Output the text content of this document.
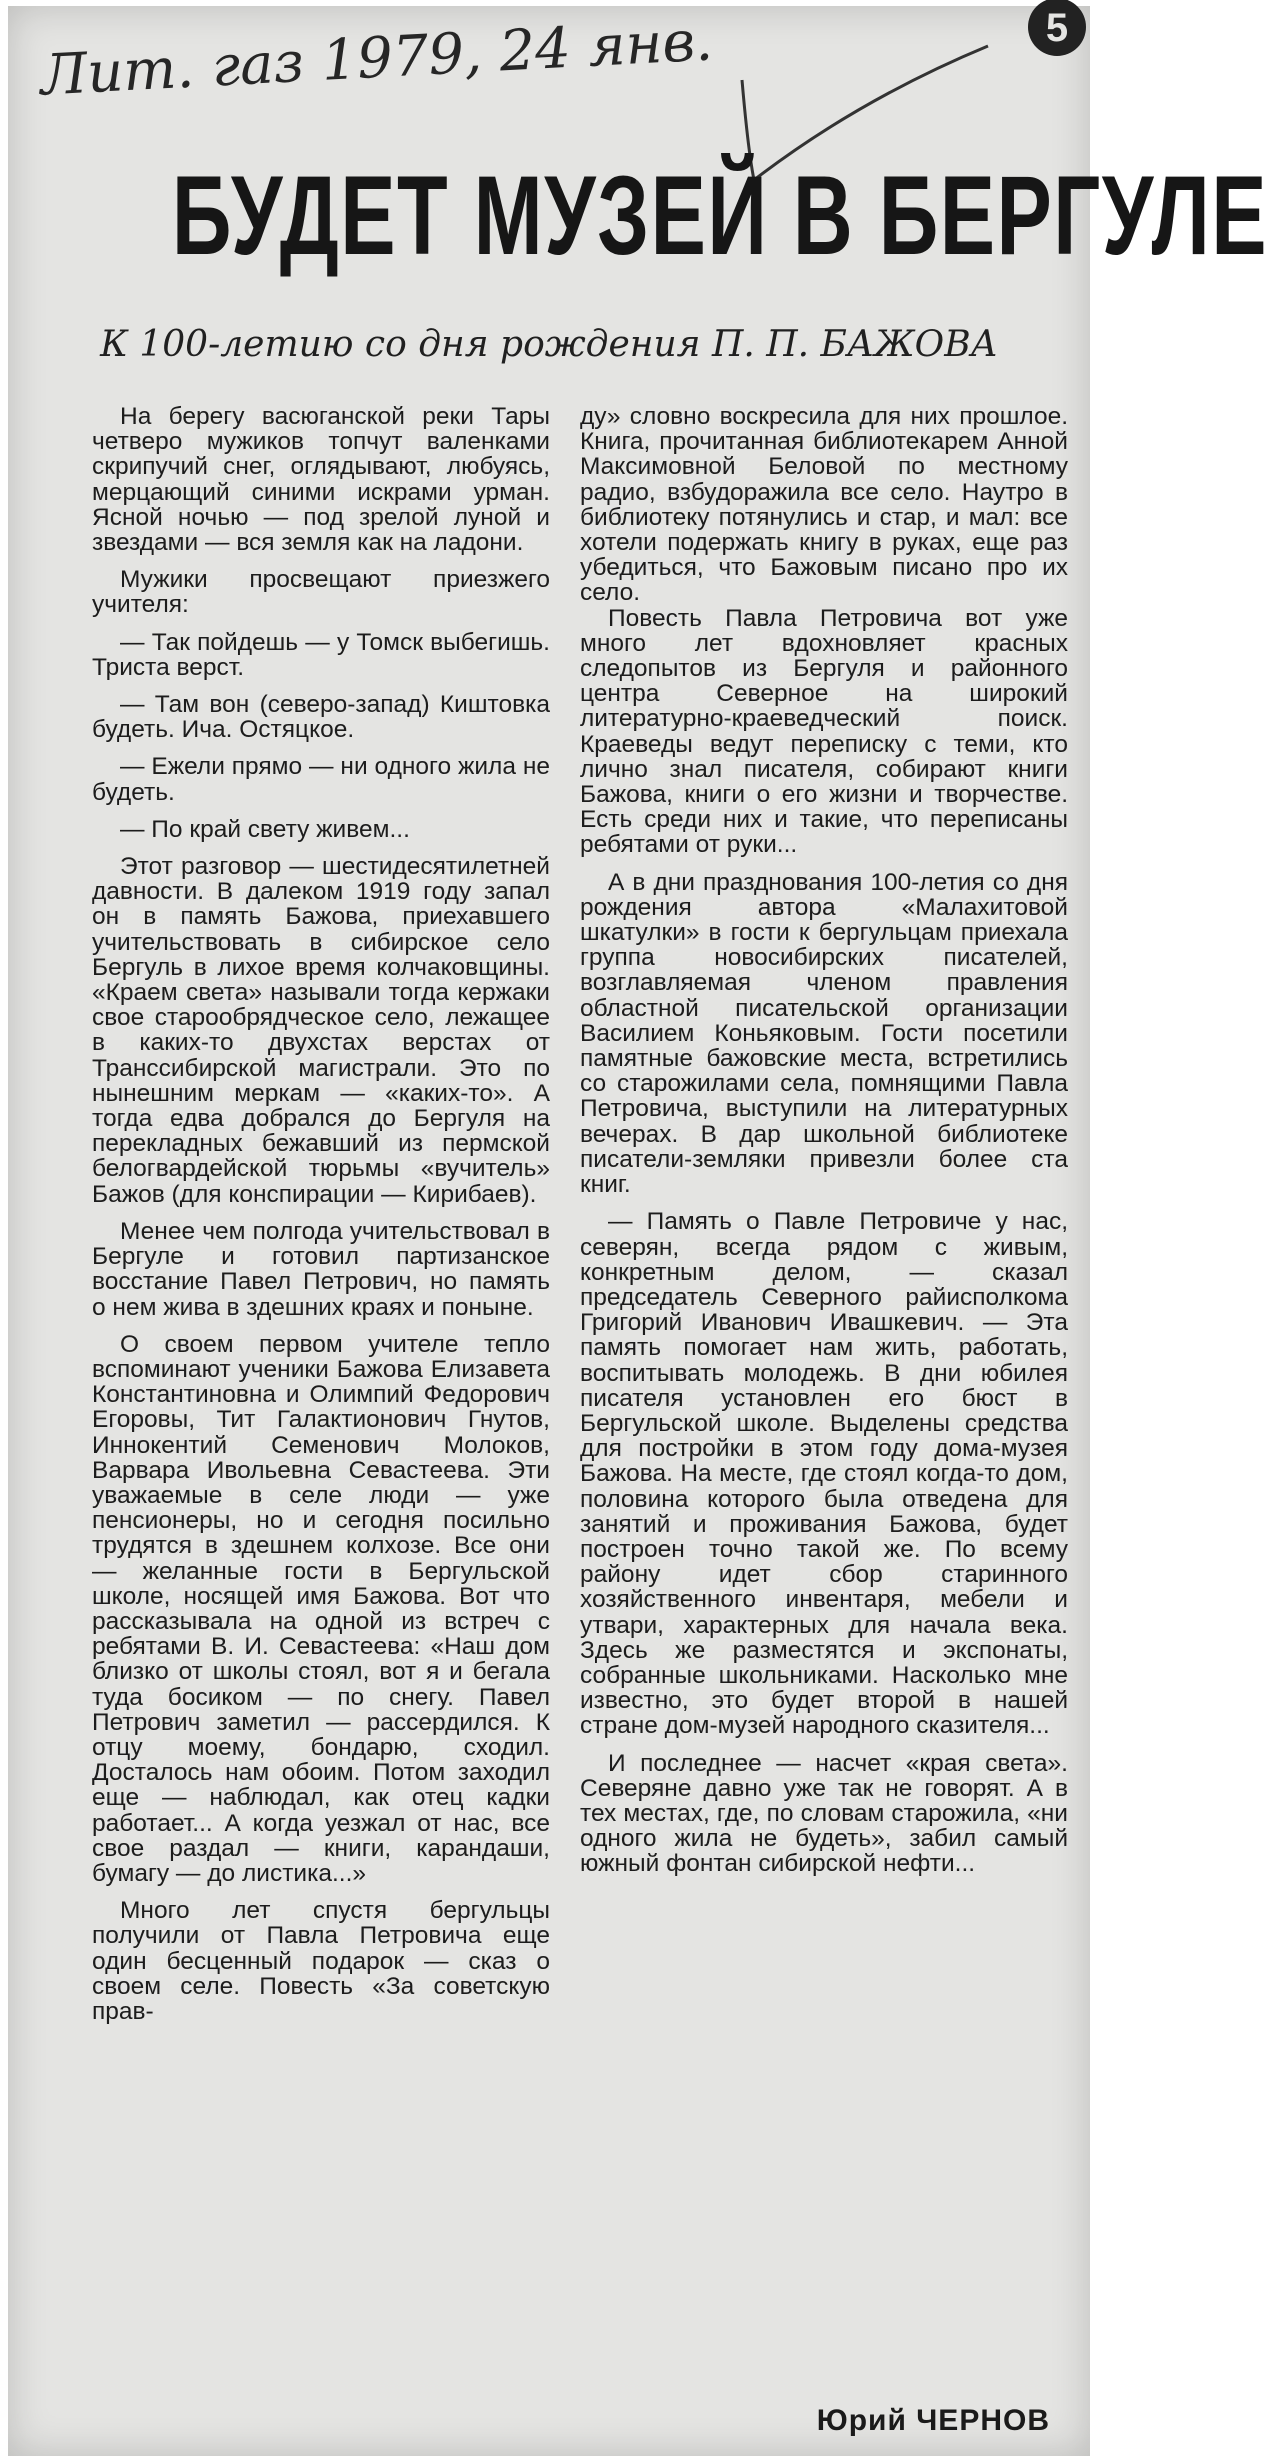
Лит. газ 1979, 24 янв.	5
БУДЕТ МУЗЕЙ В БЕРГУЛЕ
К 100-летию со дня рождения П. П. БАЖОВА

На берегу васюганской реки Тары четверо мужиков топчут валенками скрипучий снег, оглядывают, любуясь, мерцающий синими искрами урман. Ясной ночью — под зрелой луной и звездами — вся земля как на ладони.

Мужики просвещают приезжего учителя:

— Так пойдешь — у Томск выбегишь. Триста верст.

— Там вон (северо-запад) Киштовка будеть. Ича. Остяцкое.

— Ежели прямо — ни одного жила не будеть.

— По край свету живем...

Этот разговор — шестидесятилетней давности. В далеком 1919 году запал он в память Бажова, приехавшего учительствовать в сибирское село Бергуль в лихое время колчаковщины. «Краем света» называли тогда кержаки свое старообрядческое село, лежащее в каких-то двухстах верстах от Транссибирской магистрали. Это по нынешним меркам — «каких-то». А тогда едва добрался до Бергуля на перекладных бежавший из пермской белогвардейской тюрьмы «вучитель» Бажов (для конспирации — Кирибаев).

Менее чем полгода учительствовал в Бергуле и готовил партизанское восстание Павел Петрович, но память о нем жива в здешних краях и поныне.

О своем первом учителе тепло вспоминают ученики Бажова Елизавета Константиновна и Олимпий Федорович Егоровы, Тит Галактионович Гнутов, Иннокентий Семенович Молоков, Варвара Ивольевна Севастеева. Эти уважаемые в селе люди — уже пенсионеры, но и сегодня посильно трудятся в здешнем колхозе. Все они — желанные гости в Бергульской школе, носящей имя Бажова. Вот что рассказывала на одной из встреч с ребятами В. И. Севастеева: «Наш дом близко от школы стоял, вот я и бегала туда босиком — по снегу. Павел Петрович заметил — рассердился. К отцу моему, бондарю, сходил. Досталось нам обоим. Потом заходил еще — наблюдал, как отец кадки работает... А когда уезжал от нас, все свое раздал — книги, карандаши, бумагу — до листика...»

Много лет спустя бергульцы получили от Павла Петровича еще один бесценный подарок — сказ о своем селе. Повесть «За советскую прав-

ду» словно воскресила для них прошлое. Книга, прочитанная библиотекарем Анной Максимовной Беловой по местному радио, взбудоражила все село. Наутро в библиотеку потянулись и стар, и мал: все хотели подержать книгу в руках, еще раз убедиться, что Бажовым писано про их село.

Повесть Павла Петровича вот уже много лет вдохновляет красных следопытов из Бергуля и районного центра Северное на широкий литературно-краеведческий поиск. Краеведы ведут переписку с теми, кто лично знал писателя, собирают книги Бажова, книги о его жизни и творчестве. Есть среди них и такие, что переписаны ребятами от руки...

А в дни празднования 100-летия со дня рождения автора «Малахитовой шкатулки» в гости к бергульцам приехала группа новосибирских писателей, возглавляемая членом правления областной писательской организации Василием Коньяковым. Гости посетили памятные бажовские места, встретились со старожилами села, помнящими Павла Петровича, выступили на литературных вечерах. В дар школьной библиотеке писатели-земляки привезли более ста книг.

— Память о Павле Петровиче у нас, северян, всегда рядом с живым, конкретным делом, — сказал председатель Северного райисполкома Григорий Иванович Ивашкевич. — Эта память помогает нам жить, работать, воспитывать молодежь. В дни юбилея писателя установлен его бюст в Бергульской школе. Выделены средства для постройки в этом году дома-музея Бажова. На месте, где стоял когда-то дом, половина которого была отведена для занятий и проживания Бажова, будет построен точно такой же. По всему району идет сбор старинного хозяйственного инвентаря, мебели и утвари, характерных для начала века. Здесь же разместятся и экспонаты, собранные школьниками. Насколько мне известно, это будет второй в нашей стране дом-музей народного сказителя...

И последнее — насчет «края света». Северяне давно уже так не говорят. А в тех местах, где, по словам старожила, «ни одного жила не будеть», забил самый южный фонтан сибирской нефти...

Юрий ЧЕРНОВ
